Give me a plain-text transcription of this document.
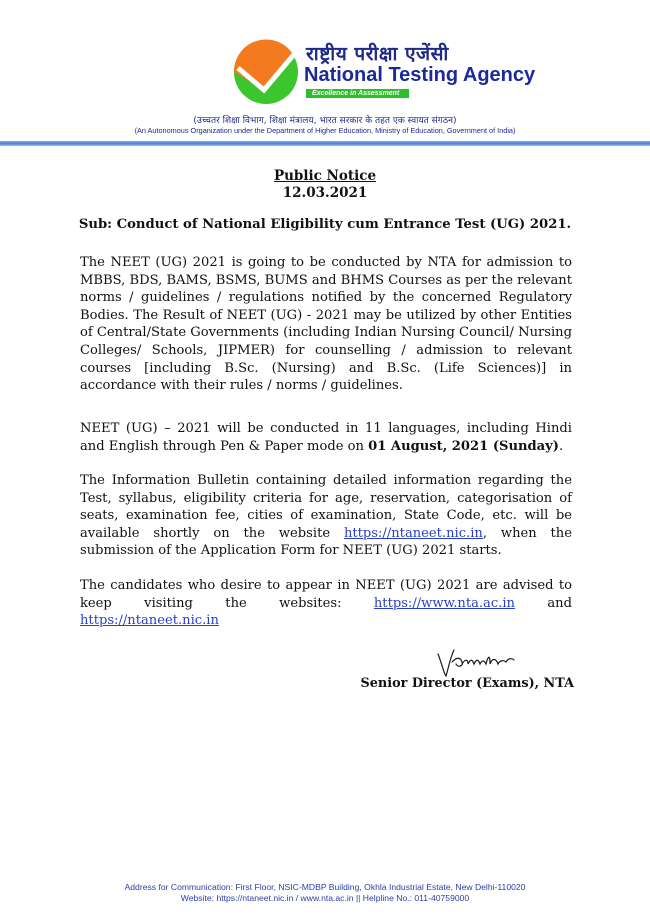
राष्ट्रीय परीक्षा एजेंसी
National Testing Agency
Excellence in Assessment
(उच्चतर शिक्षा विभाग, शिक्षा मंत्रालय, भारत सरकार के तहत एक स्वायत संगठन)
(An Autonomous Organization under the Department of Higher Education, Ministry of Education, Government of India)
Public Notice
12.03.2021
Sub: Conduct of National Eligibility cum Entrance Test (UG) 2021.
The NEET (UG) 2021 is going to be conducted by NTA for admission to MBBS, BDS, BAMS, BSMS, BUMS and BHMS Courses as per the relevant norms / guidelines / regulations notified by the concerned Regulatory Bodies. The Result of NEET (UG) - 2021 may be utilized by other Entities of Central/State Governments (including Indian Nursing Council/ Nursing Colleges/ Schools, JIPMER) for counselling / admission to relevant courses [including B.Sc. (Nursing) and B.Sc. (Life Sciences)] in accordance with their rules / norms / guidelines.
NEET (UG) – 2021 will be conducted in 11 languages, including Hindi and English through Pen & Paper mode on 01 August, 2021 (Sunday).
The Information Bulletin containing detailed information regarding the Test, syllabus, eligibility criteria for age, reservation, categorisation of seats, examination fee, cities of examination, State Code, etc. will be available shortly on the website https://ntaneet.nic.in, when the submission of the Application Form for NEET (UG) 2021 starts.
The candidates who desire to appear in NEET (UG) 2021 are advised to keep visiting the websites: https://www.nta.ac.in and https://ntaneet.nic.in
Senior Director (Exams), NTA
Address for Communication: First Floor, NSIC-MDBP Building, Okhla Industrial Estate, New Delhi-110020
Website: https://ntaneet.nic.in / www.nta.ac.in || Helpline No.: 011-40759000
